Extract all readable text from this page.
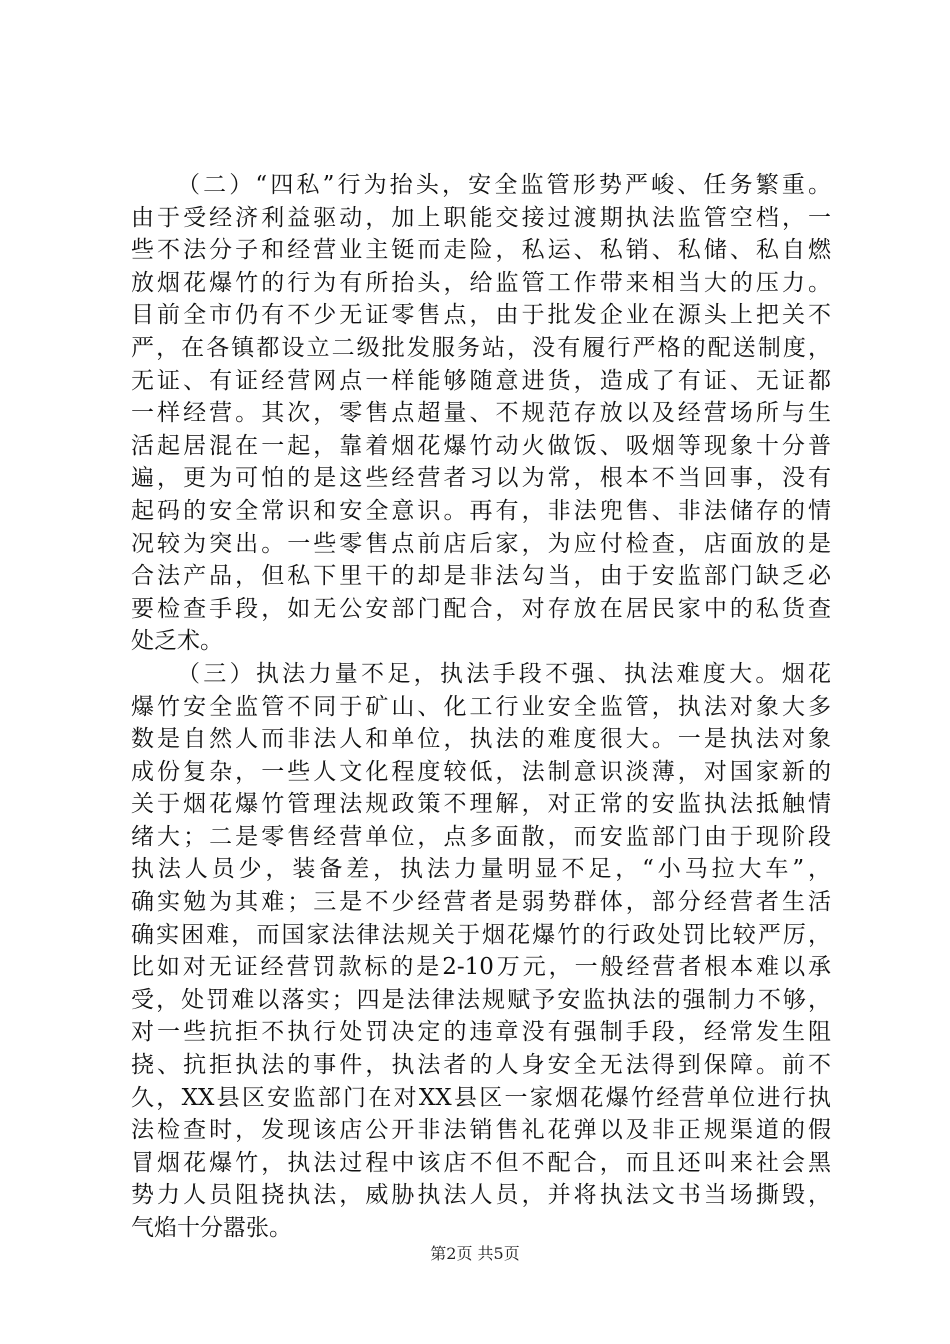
（二）“四私”行为抬头，安全监管形势严峻、任务繁重。
由于受经济利益驱动，加上职能交接过渡期执法监管空档，一
些不法分子和经营业主铤而走险，私运、私销、私储、私自燃
放烟花爆竹的行为有所抬头，给监管工作带来相当大的压力。
目前全市仍有不少无证零售点，由于批发企业在源头上把关不
严，在各镇都设立二级批发服务站，没有履行严格的配送制度，
无证、有证经营网点一样能够随意进货，造成了有证、无证都
一样经营。其次，零售点超量、不规范存放以及经营场所与生
活起居混在一起，靠着烟花爆竹动火做饭、吸烟等现象十分普
遍，更为可怕的是这些经营者习以为常，根本不当回事，没有
起码的安全常识和安全意识。再有，非法兜售、非法储存的情
况较为突出。一些零售点前店后家，为应付检查，店面放的是
合法产品，但私下里干的却是非法勾当，由于安监部门缺乏必
要检查手段，如无公安部门配合，对存放在居民家中的私货查
处乏术。
（三）执法力量不足，执法手段不强、执法难度大。烟花
爆竹安全监管不同于矿山、化工行业安全监管，执法对象大多
数是自然人而非法人和单位，执法的难度很大。一是执法对象
成份复杂，一些人文化程度较低，法制意识淡薄，对国家新的
关于烟花爆竹管理法规政策不理解，对正常的安监执法抵触情
绪大；二是零售经营单位，点多面散，而安监部门由于现阶段
执法人员少，装备差，执法力量明显不足，“小马拉大车”，
确实勉为其难；三是不少经营者是弱势群体，部分经营者生活
确实困难，而国家法律法规关于烟花爆竹的行政处罚比较严厉，
比如对无证经营罚款标的是2-10万元，一般经营者根本难以承
受，处罚难以落实；四是法律法规赋予安监执法的强制力不够，
对一些抗拒不执行处罚决定的违章没有强制手段，经常发生阻
挠、抗拒执法的事件，执法者的人身安全无法得到保障。前不
久，XX县区安监部门在对XX县区一家烟花爆竹经营单位进行执
法检查时，发现该店公开非法销售礼花弹以及非正规渠道的假
冒烟花爆竹，执法过程中该店不但不配合，而且还叫来社会黑
势力人员阻挠执法，威胁执法人员，并将执法文书当场撕毁，
气焰十分嚣张。
第2页 共5页
